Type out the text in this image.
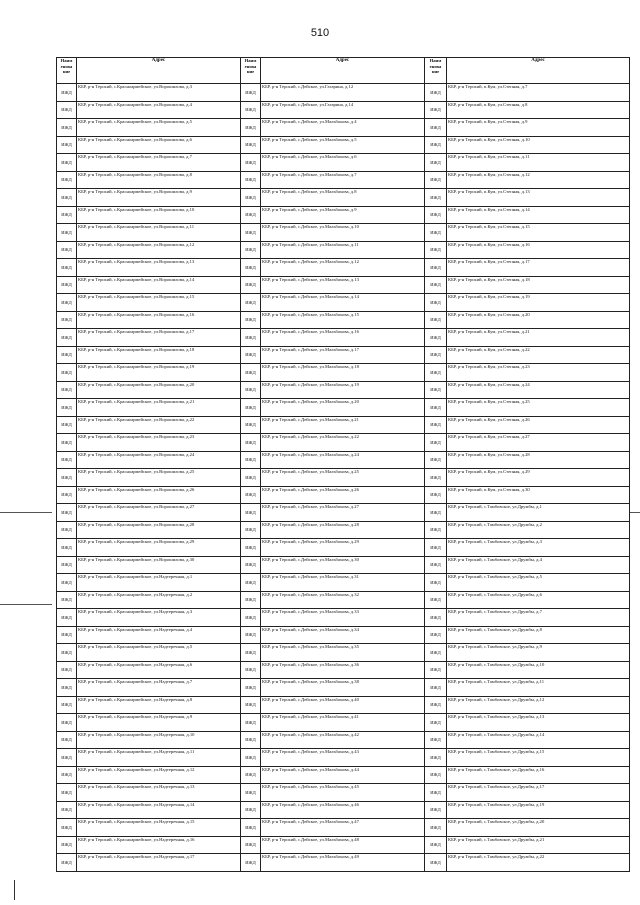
510
Наим енова ние	Адрес	Наим енова ние	Адрес	Наим енова ние	Адрес
ИЖД	КБР, р-н Терский, с.Красноармейское, ул.Ворошилова, д.3	ИЖД	КБР, р-н Терский, с.Дейское, ул.Гагарина, д.12	ИЖД	КБР, р-н Терский, п.Кум, ул.Степная, д.7
ИЖД	КБР, р-н Терский, с.Красноармейское, ул.Ворошилова, д.4	ИЖД	КБР, р-н Терский, с.Дейское, ул.Гагарина, д.14	ИЖД	КБР, р-н Терский, п.Кум, ул.Степная, д.8
ИЖД	КБР, р-н Терский, с.Красноармейское, ул.Ворошилова, д.5	ИЖД	КБР, р-н Терский, с.Дейское, ул.Мальбахова, д.4	ИЖД	КБР, р-н Терский, п.Кум, ул.Степная, д.9
ИЖД	КБР, р-н Терский, с.Красноармейское, ул.Ворошилова, д.6	ИЖД	КБР, р-н Терский, с.Дейское, ул.Мальбахова, д.5	ИЖД	КБР, р-н Терский, п.Кум, ул.Степная, д.10
ИЖД	КБР, р-н Терский, с.Красноармейское, ул.Ворошилова, д.7	ИЖД	КБР, р-н Терский, с.Дейское, ул.Мальбахова, д.6	ИЖД	КБР, р-н Терский, п.Кум, ул.Степная, д.11
ИЖД	КБР, р-н Терский, с.Красноармейское, ул.Ворошилова, д.8	ИЖД	КБР, р-н Терский, с.Дейское, ул.Мальбахова, д.7	ИЖД	КБР, р-н Терский, п.Кум, ул.Степная, д.12
ИЖД	КБР, р-н Терский, с.Красноармейское, ул.Ворошилова, д.9	ИЖД	КБР, р-н Терский, с.Дейское, ул.Мальбахова, д.8	ИЖД	КБР, р-н Терский, п.Кум, ул.Степная, д.13
ИЖД	КБР, р-н Терский, с.Красноармейское, ул.Ворошилова, д.10	ИЖД	КБР, р-н Терский, с.Дейское, ул.Мальбахова, д.9	ИЖД	КБР, р-н Терский, п.Кум, ул.Степная, д.14
ИЖД	КБР, р-н Терский, с.Красноармейское, ул.Ворошилова, д.11	ИЖД	КБР, р-н Терский, с.Дейское, ул.Мальбахова, д.10	ИЖД	КБР, р-н Терский, п.Кум, ул.Степная, д.15
ИЖД	КБР, р-н Терский, с.Красноармейское, ул.Ворошилова, д.12	ИЖД	КБР, р-н Терский, с.Дейское, ул.Мальбахова, д.11	ИЖД	КБР, р-н Терский, п.Кум, ул.Степная, д.16
ИЖД	КБР, р-н Терский, с.Красноармейское, ул.Ворошилова, д.13	ИЖД	КБР, р-н Терский, с.Дейское, ул.Мальбахова, д.12	ИЖД	КБР, р-н Терский, п.Кум, ул.Степная, д.17
ИЖД	КБР, р-н Терский, с.Красноармейское, ул.Ворошилова, д.14	ИЖД	КБР, р-н Терский, с.Дейское, ул.Мальбахова, д.13	ИЖД	КБР, р-н Терский, п.Кум, ул.Степная, д.18
ИЖД	КБР, р-н Терский, с.Красноармейское, ул.Ворошилова, д.15	ИЖД	КБР, р-н Терский, с.Дейское, ул.Мальбахова, д.14	ИЖД	КБР, р-н Терский, п.Кум, ул.Степная, д.19
ИЖД	КБР, р-н Терский, с.Красноармейское, ул.Ворошилова, д.16	ИЖД	КБР, р-н Терский, с.Дейское, ул.Мальбахова, д.15	ИЖД	КБР, р-н Терский, п.Кум, ул.Степная, д.20
ИЖД	КБР, р-н Терский, с.Красноармейское, ул.Ворошилова, д.17	ИЖД	КБР, р-н Терский, с.Дейское, ул.Мальбахова, д.16	ИЖД	КБР, р-н Терский, п.Кум, ул.Степная, д.21
ИЖД	КБР, р-н Терский, с.Красноармейское, ул.Ворошилова, д.18	ИЖД	КБР, р-н Терский, с.Дейское, ул.Мальбахова, д.17	ИЖД	КБР, р-н Терский, п.Кум, ул.Степная, д.22
ИЖД	КБР, р-н Терский, с.Красноармейское, ул.Ворошилова, д.19	ИЖД	КБР, р-н Терский, с.Дейское, ул.Мальбахова, д.18	ИЖД	КБР, р-н Терский, п.Кум, ул.Степная, д.23
ИЖД	КБР, р-н Терский, с.Красноармейское, ул.Ворошилова, д.20	ИЖД	КБР, р-н Терский, с.Дейское, ул.Мальбахова, д.19	ИЖД	КБР, р-н Терский, п.Кум, ул.Степная, д.24
ИЖД	КБР, р-н Терский, с.Красноармейское, ул.Ворошилова, д.21	ИЖД	КБР, р-н Терский, с.Дейское, ул.Мальбахова, д.20	ИЖД	КБР, р-н Терский, п.Кум, ул.Степная, д.25
ИЖД	КБР, р-н Терский, с.Красноармейское, ул.Ворошилова, д.22	ИЖД	КБР, р-н Терский, с.Дейское, ул.Мальбахова, д.21	ИЖД	КБР, р-н Терский, п.Кум, ул.Степная, д.26
ИЖД	КБР, р-н Терский, с.Красноармейское, ул.Ворошилова, д.23	ИЖД	КБР, р-н Терский, с.Дейское, ул.Мальбахова, д.22	ИЖД	КБР, р-н Терский, п.Кум, ул.Степная, д.27
ИЖД	КБР, р-н Терский, с.Красноармейское, ул.Ворошилова, д.24	ИЖД	КБР, р-н Терский, с.Дейское, ул.Мальбахова, д.24	ИЖД	КБР, р-н Терский, п.Кум, ул.Степная, д.28
ИЖД	КБР, р-н Терский, с.Красноармейское, ул.Ворошилова, д.25	ИЖД	КБР, р-н Терский, с.Дейское, ул.Мальбахова, д.25	ИЖД	КБР, р-н Терский, п.Кум, ул.Степная, д.29
ИЖД	КБР, р-н Терский, с.Красноармейское, ул.Ворошилова, д.26	ИЖД	КБР, р-н Терский, с.Дейское, ул.Мальбахова, д.26	ИЖД	КБР, р-н Терский, п.Кум, ул.Степная, д.30
ИЖД	КБР, р-н Терский, с.Красноармейское, ул.Ворошилова, д.27	ИЖД	КБР, р-н Терский, с.Дейское, ул.Мальбахова, д.27	ИЖД	КБР, р-н Терский, с.Тамбовское, ул.Дружбы, д.1
ИЖД	КБР, р-н Терский, с.Красноармейское, ул.Ворошилова, д.28	ИЖД	КБР, р-н Терский, с.Дейское, ул.Мальбахова, д.28	ИЖД	КБР, р-н Терский, с.Тамбовское, ул.Дружбы, д.2
ИЖД	КБР, р-н Терский, с.Красноармейское, ул.Ворошилова, д.29	ИЖД	КБР, р-н Терский, с.Дейское, ул.Мальбахова, д.29	ИЖД	КБР, р-н Терский, с.Тамбовское, ул.Дружбы, д.3
ИЖД	КБР, р-н Терский, с.Красноармейское, ул.Ворошилова, д.30	ИЖД	КБР, р-н Терский, с.Дейское, ул.Мальбахова, д.30	ИЖД	КБР, р-н Терский, с.Тамбовское, ул.Дружбы, д.4
ИЖД	КБР, р-н Терский, с.Красноармейское, ул.Надтеречная, д.1	ИЖД	КБР, р-н Терский, с.Дейское, ул.Мальбахова, д.31	ИЖД	КБР, р-н Терский, с.Тамбовское, ул.Дружбы, д.5
ИЖД	КБР, р-н Терский, с.Красноармейское, ул.Надтеречная, д.2	ИЖД	КБР, р-н Терский, с.Дейское, ул.Мальбахова, д.32	ИЖД	КБР, р-н Терский, с.Тамбовское, ул.Дружбы, д.6
ИЖД	КБР, р-н Терский, с.Красноармейское, ул.Надтеречная, д.3	ИЖД	КБР, р-н Терский, с.Дейское, ул.Мальбахова, д.33	ИЖД	КБР, р-н Терский, с.Тамбовское, ул.Дружбы, д.7
ИЖД	КБР, р-н Терский, с.Красноармейское, ул.Надтеречная, д.4	ИЖД	КБР, р-н Терский, с.Дейское, ул.Мальбахова, д.34	ИЖД	КБР, р-н Терский, с.Тамбовское, ул.Дружбы, д.8
ИЖД	КБР, р-н Терский, с.Красноармейское, ул.Надтеречная, д.5	ИЖД	КБР, р-н Терский, с.Дейское, ул.Мальбахова, д.35	ИЖД	КБР, р-н Терский, с.Тамбовское, ул.Дружбы, д.9
ИЖД	КБР, р-н Терский, с.Красноармейское, ул.Надтеречная, д.6	ИЖД	КБР, р-н Терский, с.Дейское, ул.Мальбахова, д.36	ИЖД	КБР, р-н Терский, с.Тамбовское, ул.Дружбы, д.10
ИЖД	КБР, р-н Терский, с.Красноармейское, ул.Надтеречная, д.7	ИЖД	КБР, р-н Терский, с.Дейское, ул.Мальбахова, д.38	ИЖД	КБР, р-н Терский, с.Тамбовское, ул.Дружбы, д.11
ИЖД	КБР, р-н Терский, с.Красноармейское, ул.Надтеречная, д.8	ИЖД	КБР, р-н Терский, с.Дейское, ул.Мальбахова, д.40	ИЖД	КБР, р-н Терский, с.Тамбовское, ул.Дружбы, д.12
ИЖД	КБР, р-н Терский, с.Красноармейское, ул.Надтеречная, д.9	ИЖД	КБР, р-н Терский, с.Дейское, ул.Мальбахова, д.41	ИЖД	КБР, р-н Терский, с.Тамбовское, ул.Дружбы, д.13
ИЖД	КБР, р-н Терский, с.Красноармейское, ул.Надтеречная, д.10	ИЖД	КБР, р-н Терский, с.Дейское, ул.Мальбахова, д.42	ИЖД	КБР, р-н Терский, с.Тамбовское, ул.Дружбы, д.14
ИЖД	КБР, р-н Терский, с.Красноармейское, ул.Надтеречная, д.11	ИЖД	КБР, р-н Терский, с.Дейское, ул.Мальбахова, д.43	ИЖД	КБР, р-н Терский, с.Тамбовское, ул.Дружбы, д.15
ИЖД	КБР, р-н Терский, с.Красноармейское, ул.Надтеречная, д.12	ИЖД	КБР, р-н Терский, с.Дейское, ул.Мальбахова, д.44	ИЖД	КБР, р-н Терский, с.Тамбовское, ул.Дружбы, д.16
ИЖД	КБР, р-н Терский, с.Красноармейское, ул.Надтеречная, д.13	ИЖД	КБР, р-н Терский, с.Дейское, ул.Мальбахова, д.45	ИЖД	КБР, р-н Терский, с.Тамбовское, ул.Дружбы, д.17
ИЖД	КБР, р-н Терский, с.Красноармейское, ул.Надтеречная, д.14	ИЖД	КБР, р-н Терский, с.Дейское, ул.Мальбахова, д.46	ИЖД	КБР, р-н Терский, с.Тамбовское, ул.Дружбы, д.19
ИЖД	КБР, р-н Терский, с.Красноармейское, ул.Надтеречная, д.15	ИЖД	КБР, р-н Терский, с.Дейское, ул.Мальбахова, д.47	ИЖД	КБР, р-н Терский, с.Тамбовское, ул.Дружбы, д.20
ИЖД	КБР, р-н Терский, с.Красноармейское, ул.Надтеречная, д.16	ИЖД	КБР, р-н Терский, с.Дейское, ул.Мальбахова, д.48	ИЖД	КБР, р-н Терский, с.Тамбовское, ул.Дружбы, д.21
ИЖД	КБР, р-н Терский, с.Красноармейское, ул.Надтеречная, д.17	ИЖД	КБР, р-н Терский, с.Дейское, ул.Мальбахова, д.49	ИЖД	КБР, р-н Терский, с.Тамбовское, ул.Дружбы, д.22
